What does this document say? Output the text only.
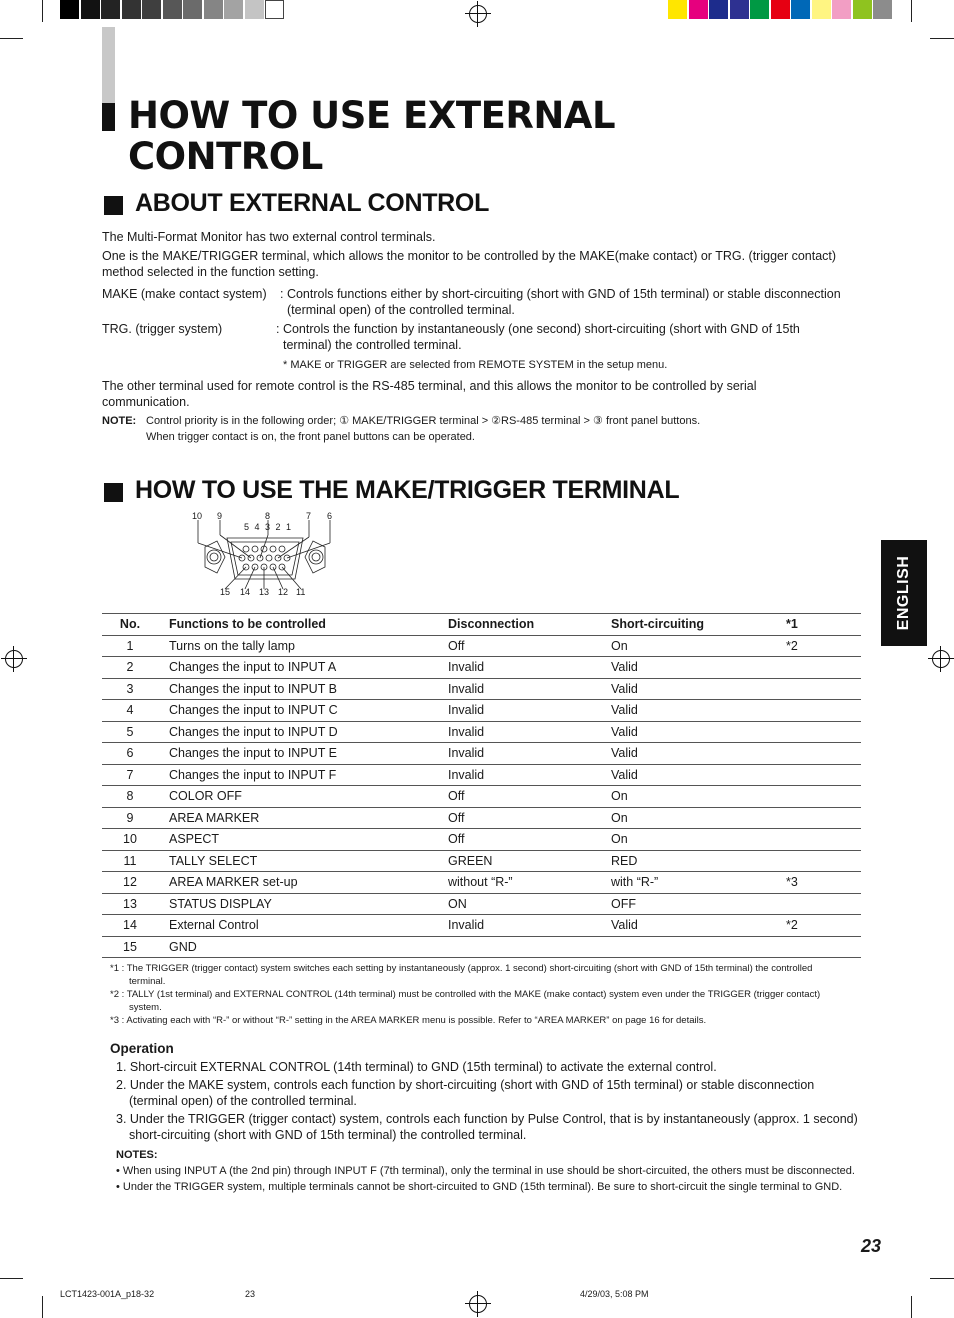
HOW TO USE EXTERNAL
CONTROL
ABOUT EXTERNAL CONTROL
The Multi-Format Monitor has two external control terminals.
One is the MAKE/TRIGGER terminal, which allows the monitor to be controlled by the MAKE(make contact) or TRG. (trigger contact) method selected in the function setting.
MAKE (make contact system) : Controls functions either by short-circuiting (short with GND of 15th terminal) or stable disconnection (terminal open) of the controlled terminal.
TRG. (trigger system)	: Controls the function by instantaneously (one second) short-circuiting (short with GND of 15th terminal) the controlled terminal.
* MAKE or TRIGGER are selected from REMOTE SYSTEM in the setup menu.
The other terminal used for remote control is the RS-485 terminal, and this allows the monitor to be controlled by serial communication.
NOTE: Control priority is in the following order; ① MAKE/TRIGGER terminal > ②RS-485 terminal > ③ front panel buttons.
When trigger contact is on, the front panel buttons can be operated.
HOW TO USE THE MAKE/TRIGGER TERMINAL
10 9	8	7 6
5 4 3 2 1
15 14 13 12 11
No.	Functions to be controlled	Disconnection	Short-circuiting	*1
1	Turns on the tally lamp	Off	On	*2
2	Changes the input to INPUT A	Invalid	Valid	
3	Changes the input to INPUT B	Invalid	Valid	
4	Changes the input to INPUT C	Invalid	Valid	
5	Changes the input to INPUT D	Invalid	Valid	
6	Changes the input to INPUT E	Invalid	Valid	
7	Changes the input to INPUT F	Invalid	Valid	
8	COLOR OFF	Off	On	
9	AREA MARKER	Off	On	
10	ASPECT	Off	On	
11	TALLY SELECT	GREEN	RED	
12	AREA MARKER set-up	without “R-”	with “R-”	*3
13	STATUS DISPLAY	ON	OFF	
14	External Control	Invalid	Valid	*2
15	GND			
*1 : The TRIGGER (trigger contact) system switches each setting by instantaneously (approx. 1 second) short-circuiting (short with GND of 15th terminal) the controlled terminal.
*2 : TALLY (1st terminal) and EXTERNAL CONTROL (14th terminal) must be controlled with the MAKE (make contact) system even under the TRIGGER (trigger contact) system.
*3 : Activating each with “R-” or without “R-” setting in the AREA MARKER menu is possible. Refer to “AREA MARKER” on page 16 for details.
Operation
1. Short-circuit EXTERNAL CONTROL (14th terminal) to GND (15th terminal) to activate the external control.
2. Under the MAKE system, controls each function by short-circuiting (short with GND of 15th terminal) or stable disconnection (terminal open) of the controlled terminal.
3. Under the TRIGGER (trigger contact) system, controls each function by Pulse Control, that is by instantaneously (approx. 1 second) short-circuiting (short with GND of 15th terminal) the controlled terminal.
NOTES:
• When using INPUT A (the 2nd pin) through INPUT F (7th terminal), only the terminal in use should be short-circuited, the others must be disconnected.
• Under the TRIGGER system, multiple terminals cannot be short-circuited to GND (15th terminal). Be sure to short-circuit the single terminal to GND.
ENGLISH
23
LCT1423-001A_p18-32	23	4/29/03, 5:08 PM
